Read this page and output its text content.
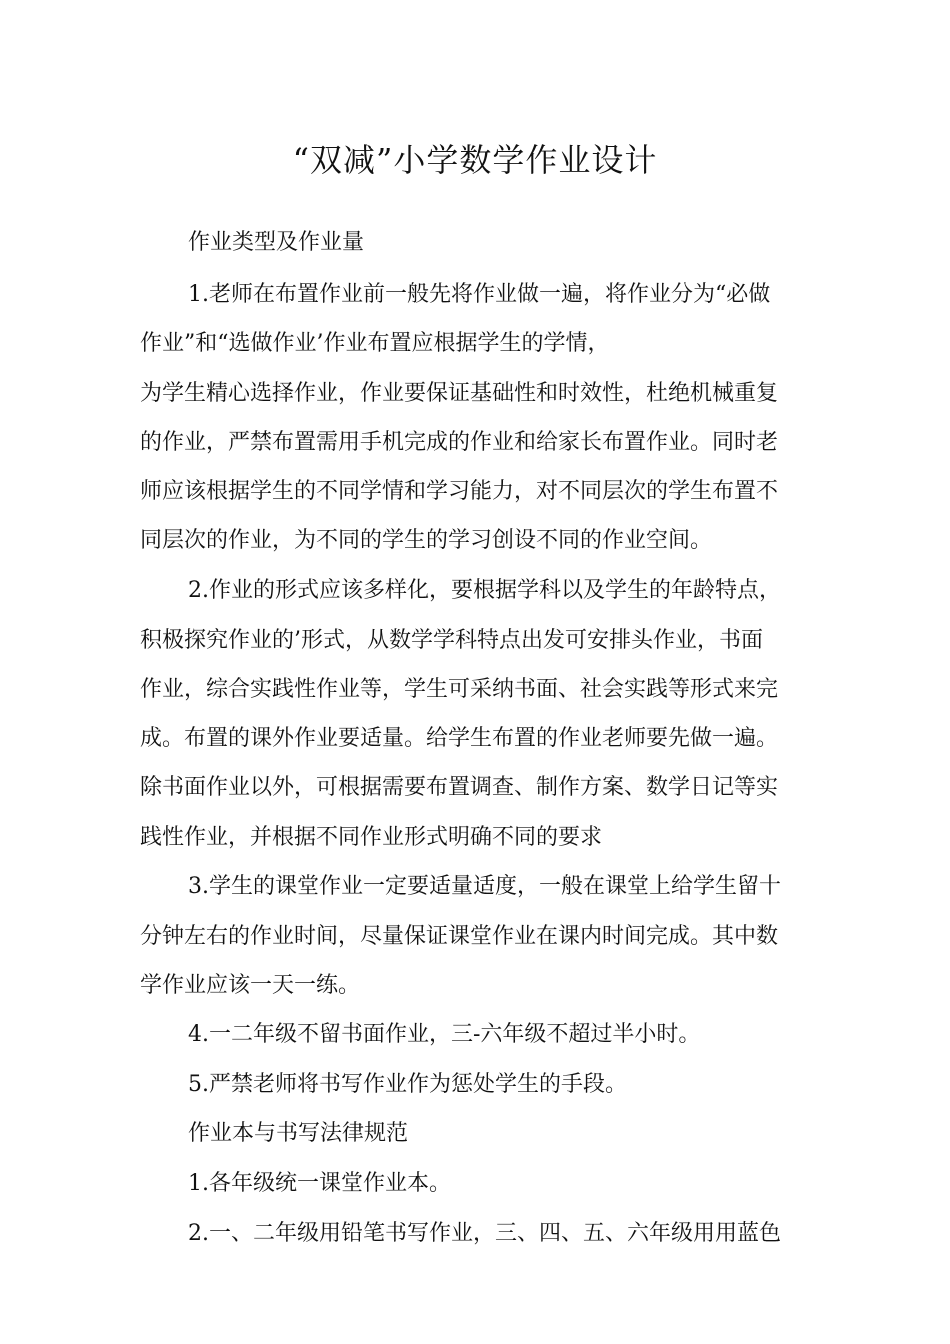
“双减”小学数学作业设计
作业类型及作业量
1.老师在布置作业前一般先将作业做一遍，将作业分为“必做
作业”和“选做作业’作业布置应根据学生的学情，
为学生精心选择作业，作业要保证基础性和时效性，杜绝机械重复
的作业，严禁布置需用手机完成的作业和给家长布置作业。同时老
师应该根据学生的不同学情和学习能力，对不同层次的学生布置不
同层次的作业，为不同的学生的学习创设不同的作业空间。
2.作业的形式应该多样化，要根据学科以及学生的年龄特点，
积极探究作业的’形式，从数学学科特点出发可安排头作业，书面
作业，综合实践性作业等，学生可采纳书面、社会实践等形式来完
成。布置的课外作业要适量。给学生布置的作业老师要先做一遍。
除书面作业以外，可根据需要布置调查、制作方案、数学日记等实
践性作业，并根据不同作业形式明确不同的要求
3.学生的课堂作业一定要适量适度，一般在课堂上给学生留十
分钟左右的作业时间，尽量保证课堂作业在课内时间完成。其中数
学作业应该一天一练。
4.一二年级不留书面作业，三-六年级不超过半小时。
5.严禁老师将书写作业作为惩处学生的手段。
作业本与书写法律规范
1.各年级统一课堂作业本。
2.一、二年级用铅笔书写作业，三、四、五、六年级用用蓝色
